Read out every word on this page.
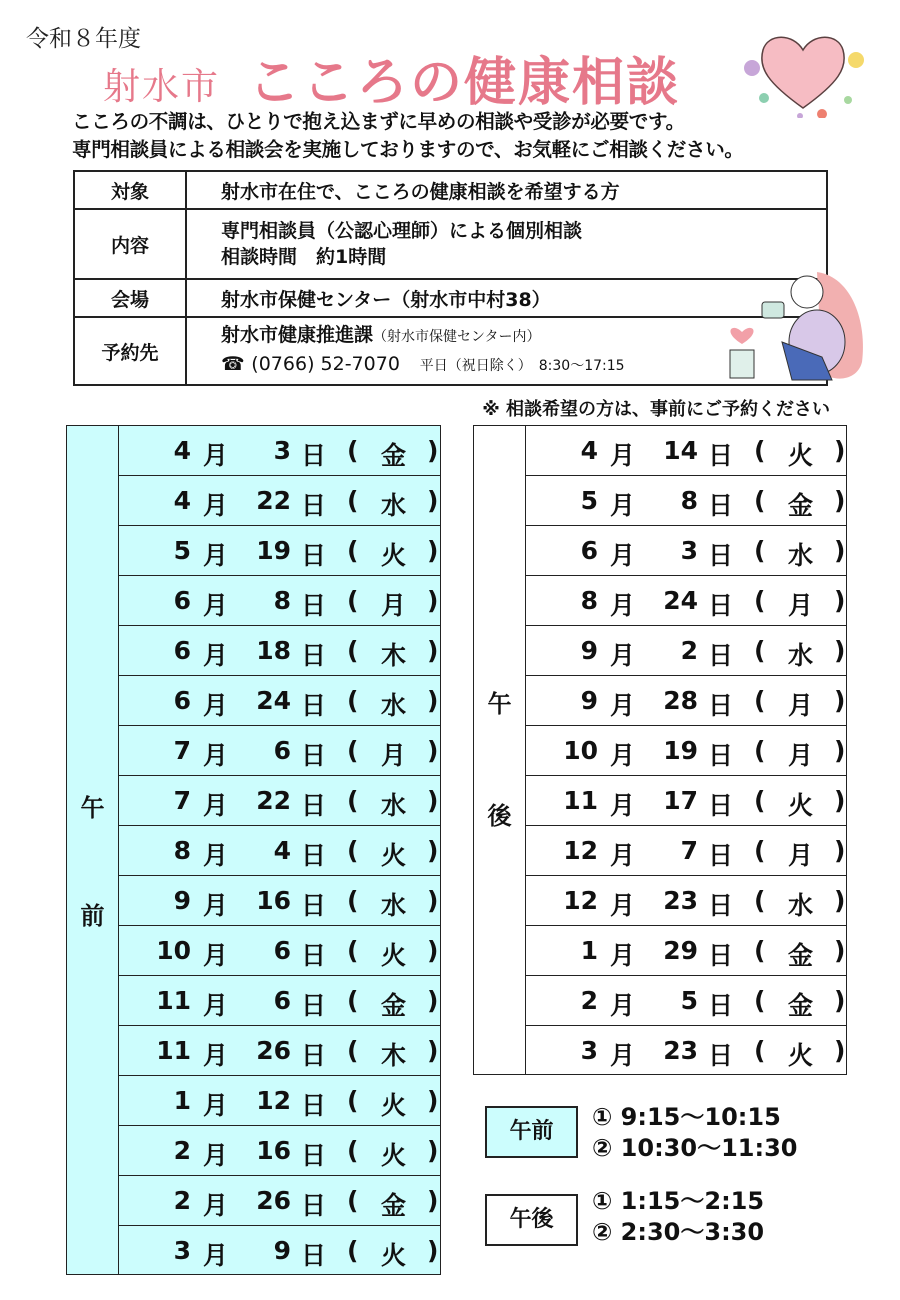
令和８年度
射水市 こころの健康相談
こころの不調は、ひとりで抱え込まずに早めの相談や受診が必要です。
専門相談員による相談会を実施しておりますので、お気軽にご相談ください。
対象	射水市在住で、こころの健康相談を希望する方
内容	専門相談員（公認心理師）による個別相談
相談時間　約1時間

会場	射水市保健センター（射水市中村38）
予約先	射水市健康推進課（射水市保健センター内）
☎ (0766) 52-7070 平日（祝日除く）　8:30～17:15
※ 相談希望の方は、事前にご予約ください
午
前
4 月	3 日 ( 金 )
4 月	22 日 ( 水 )
5 月	19 日 ( 火 )
6 月	8 日 ( 月 )
6 月	18 日 ( 木 )
6 月	24 日 ( 水 )
7 月	6 日 ( 月 )
7 月	22 日 ( 水 )
8 月	4 日 ( 火 )
9 月	16 日 ( 水 )
10 月	6 日 ( 火 )
11 月	6 日 ( 金 )
11 月	26 日 ( 木 )
1 月	12 日 ( 火 )
2 月	16 日 ( 火 )
2 月	26 日 ( 金 )
3 月	9 日 ( 火 )
午
後
4 月	14 日 ( 火 )
5 月	8 日 ( 金 )
6 月	3 日 ( 水 )
8 月	24 日 ( 月 )
9 月	2 日 ( 水 )
9 月	28 日 ( 月 )
10 月	19 日 ( 月 )
11 月	17 日 ( 火 )
12 月	7 日 ( 月 )
12 月	23 日 ( 水 )
1 月	29 日 ( 金 )
2 月	5 日 ( 金 )
3 月	23 日 ( 火 )
午前
① 9:15～10:15
② 10:30～11:30
午後
① 1:15～2:15
② 2:30～3:30
